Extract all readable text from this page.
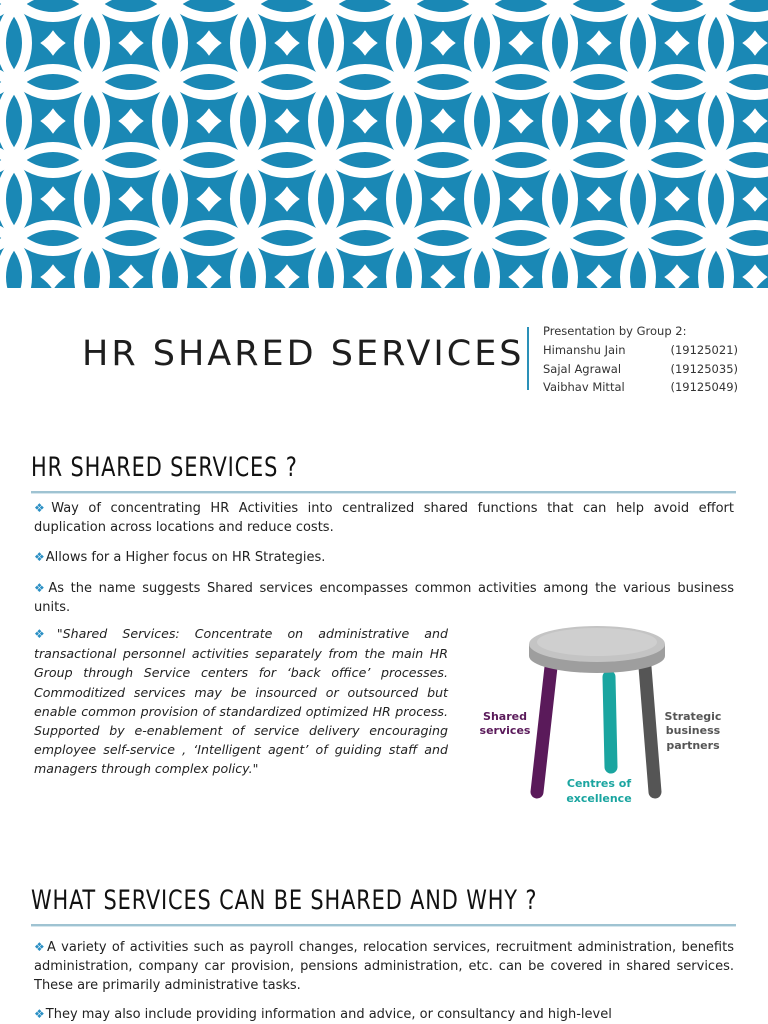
HR SHARED SERVICES
Presentation by Group 2:
Himanshu Jain	(19125021)
Sajal Agrawal	(19125035)
Vaibhav Mittal	(19125049)
HR SHARED SERVICES ?
❖Way of concentrating HR Activities into centralized shared functions that can help avoid effort duplication across locations and reduce costs.
❖Allows for a Higher focus on HR Strategies.
❖As the name suggests Shared services encompasses common activities among the various business units.
❖"Shared Services: Concentrate on administrative and transactional personnel activities separately from the main HR Group through Service centers for ‘back office’ processes. Commoditized services may be insourced or outsourced but enable common provision of standardized optimized HR process. Supported by e-enablement of service delivery encouraging employee self-service , ‘Intelligent agent’ of guiding staff and managers through complex policy."
Shared
services
Centres of
excellence
Strategic
business
partners
WHAT SERVICES CAN BE SHARED AND WHY ?
❖A variety of activities such as payroll changes, relocation services, recruitment administration, benefits administration, company car provision, pensions administration, etc. can be covered in shared services. These are primarily administrative tasks.
❖They may also include providing information and advice, or consultancy and high-level
